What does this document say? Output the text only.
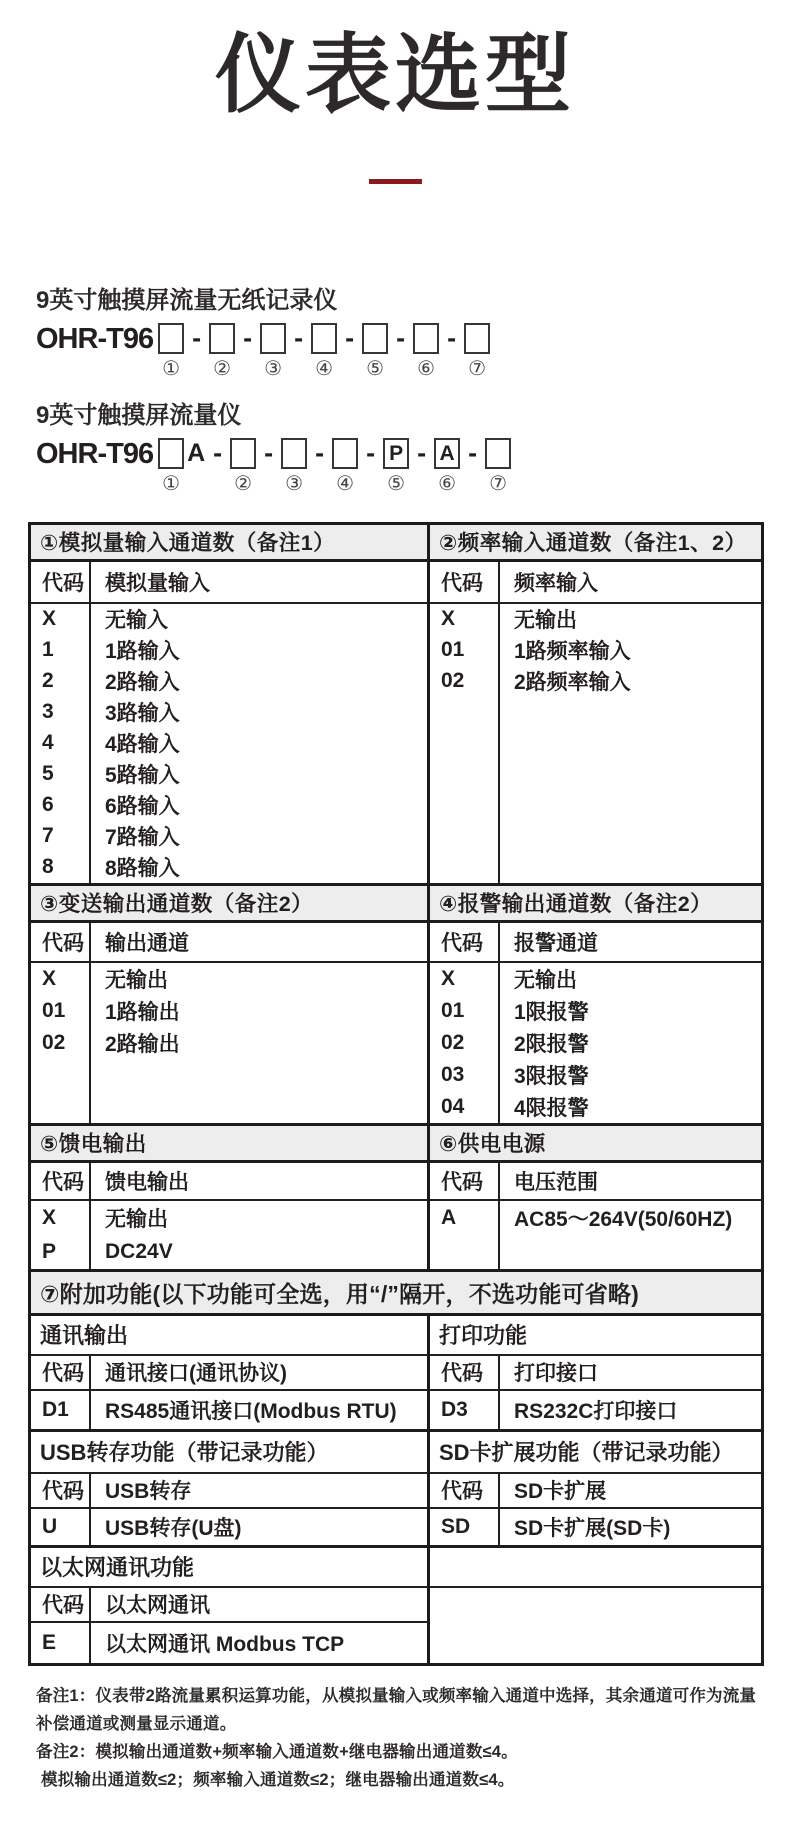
仪表选型
9英寸触摸屏流量无纸记录仪
OHR-T96
①
-
②
-
③
-
④
-
⑤
-
⑥
-
⑦
9英寸触摸屏流量仪
OHR-T96
①
A -
②
-
③
-
④
- P
⑤
- A
⑥
-
⑦
①模拟量输入通道数（备注1）
代码
X
1
2
3
4
5
6
7
8
模拟量输入
无输入
1路输入
2路输入
3路输入
4路输入
5路输入
6路输入
7路输入
8路输入
②频率输入通道数（备注1、2）
代码
X
01
02
频率输入
无输出
1路频率输入
2路频率输入
③变送输出通道数（备注2）
代码
X
01
02
输出通道
无输出
1路输出
2路输出
④报警输出通道数（备注2）
代码
X
01
02
03
04
报警通道
无输出
1限报警
2限报警
3限报警
4限报警
⑤馈电输出
代码
X
P
馈电输出
无输出
DC24V
⑥供电电源
代码
A
电压范围
AC85～264V(50/60HZ)
⑦附加功能(以下功能可全选，用“/”隔开，不选功能可省略)
通讯输出
代码
D1
通讯接口(通讯协议)
RS485通讯接口(Modbus RTU)
USB转存功能（带记录功能）
代码
U
USB转存
USB转存(U盘)
以太网通讯功能
代码
E
以太网通讯
以太网通讯 Modbus TCP
打印功能
代码
D3
打印接口
RS232C打印接口
SD卡扩展功能（带记录功能）
代码
SD
SD卡扩展
SD卡扩展(SD卡)
备注1：仪表带2路流量累积运算功能，从模拟量输入或频率输入通道中选择，其余通道可作为流量
补偿通道或测量显示通道。
备注2：模拟输出通道数+频率输入通道数+继电器输出通道数≤4。
模拟输出通道数≤2；频率输入通道数≤2；继电器输出通道数≤4。
